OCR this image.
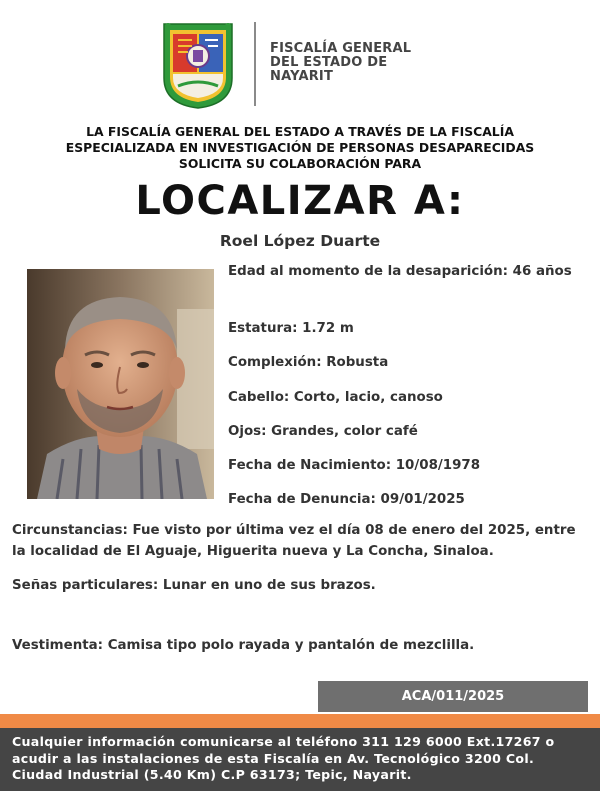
FISCALÍA GENERAL
DEL ESTADO DE
NAYARIT
LA FISCALÍA GENERAL DEL ESTADO A TRAVÉS DE LA FISCALÍA
ESPECIALIZADA EN INVESTIGACIÓN DE PERSONAS DESAPARECIDAS
SOLICITA SU COLABORACIÓN PARA
LOCALIZAR A:
Roel López Duarte
Edad al momento de la desaparición: 46 años
Estatura: 1.72 m
Complexión: Robusta
Cabello: Corto, lacio, canoso
Ojos: Grandes, color café
Fecha de Nacimiento: 10/08/1978
Fecha de Denuncia: 09/01/2025
Circunstancias: Fue visto por última vez el día 08 de enero del 2025, entre la localidad de El Aguaje, Higuerita nueva y La Concha, Sinaloa.
Señas particulares: Lunar en uno de sus brazos.
Vestimenta: Camisa tipo polo rayada y pantalón de mezclilla.
ACA/011/2025
Cualquier información comunicarse al teléfono 311 129 6000 Ext.17267 o acudir a las instalaciones de esta Fiscalía en Av. Tecnológico 3200 Col. Ciudad Industrial (5.40 Km) C.P 63173; Tepic, Nayarit.
